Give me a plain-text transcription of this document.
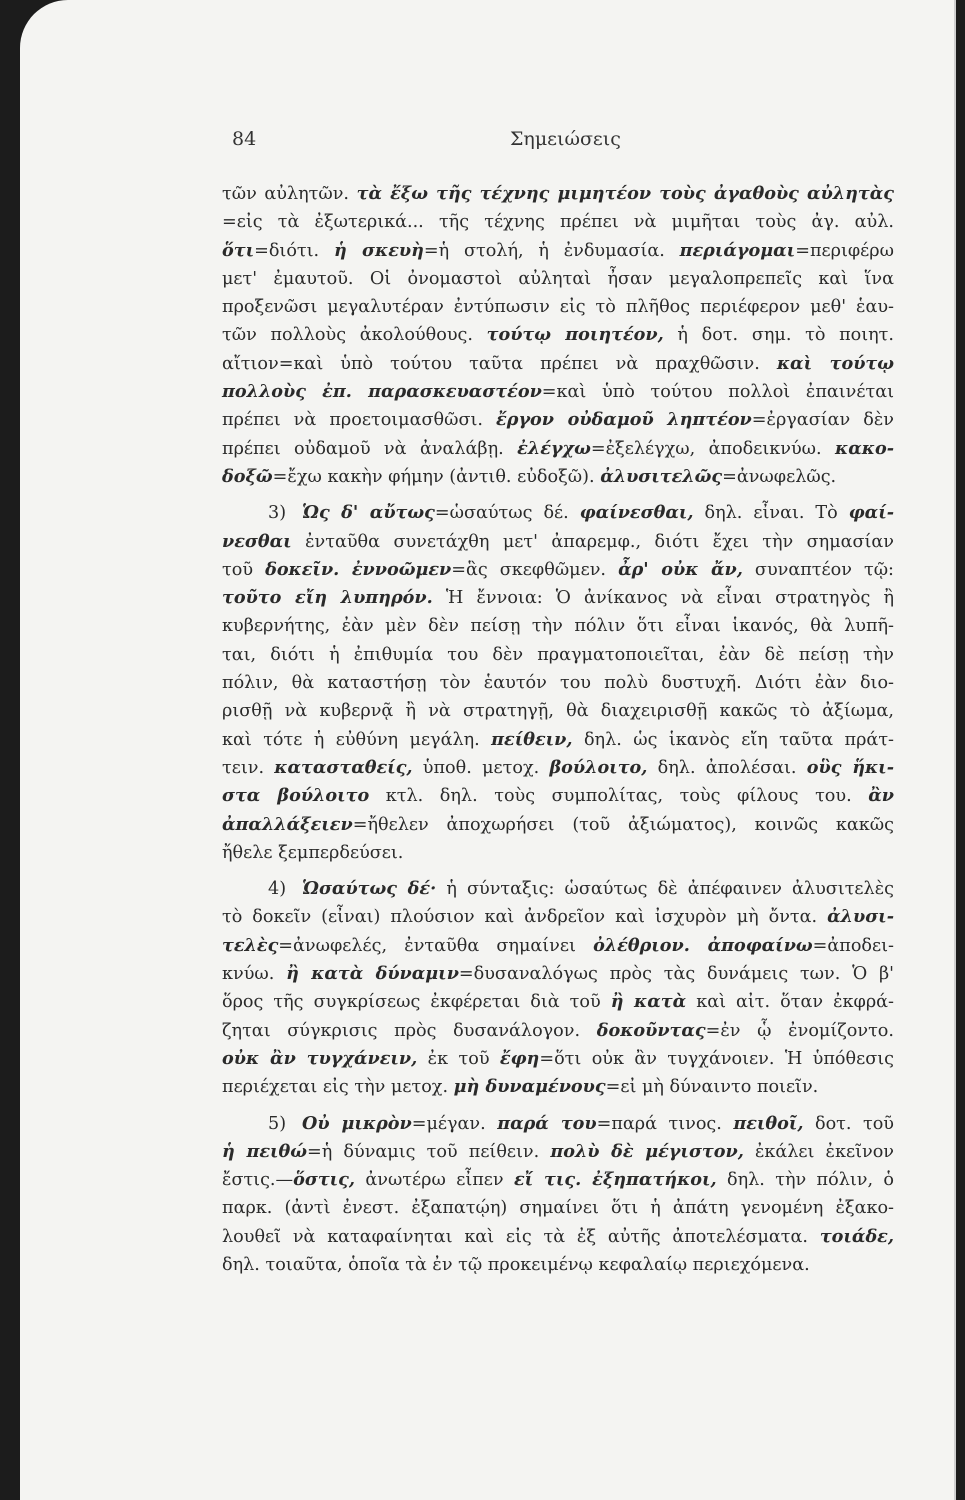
84	Σημειώσεις
τῶν αὐλητῶν. τὰ ἔξω τῆς τέχνης μιμητέον τοὺς ἀγαθοὺς αὐλητὰς
=εἰς τὰ ἐξωτερικά... τῆς τέχνης πρέπει νὰ μιμῆται τοὺς ἀγ. αὐλ.
ὅτι=διότι. ἡ σκευὴ=ἡ στολή, ἡ ἐνδυμασία. περιάγομαι=περιφέρω
μετ' ἐμαυτοῦ. Οἱ ὀνομαστοὶ αὐληταὶ ἦσαν μεγαλοπρεπεῖς καὶ ἵνα
προξενῶσι μεγαλυτέραν ἐντύπωσιν εἰς τὸ πλῆθος περιέφερον μεθ' ἑαυ-
τῶν πολλοὺς ἀκολούθους. τούτῳ ποιητέον, ἡ δοτ. σημ. τὸ ποιητ.
αἴτιον=καὶ ὑπὸ τούτου ταῦτα πρέπει νὰ πραχθῶσιν. καὶ τούτῳ
πολλοὺς ἐπ. παρασκευαστέον=καὶ ὑπὸ τούτου πολλοὶ ἐπαινέται
πρέπει νὰ προετοιμασθῶσι. ἔργον οὐδαμοῦ ληπτέον=ἐργασίαν δὲν
πρέπει οὐδαμοῦ νὰ ἀναλάβῃ. ἐλέγχω=ἐξελέγχω, ἀποδεικνύω. κακο-
δοξῶ=ἔχω κακὴν φήμην (ἀντιθ. εὐδοξῶ). ἀλυσιτελῶς=ἀνωφελῶς.
3) Ὡς δ' αὔτως=ὡσαύτως δέ. φαίνεσθαι, δηλ. εἶναι. Τὸ φαί-
νεσθαι ἐνταῦθα συνετάχθη μετ' ἀπαρεμφ., διότι ἔχει τὴν σημασίαν
τοῦ δοκεῖν. ἐννοῶμεν=ἃς σκεφθῶμεν. ἆρ' οὐκ ἄν, συναπτέον τῷ:
τοῦτο εἴη λυπηρόν. Ἡ ἔννοια: Ὁ ἀνίκανος νὰ εἶναι στρατηγὸς ἢ
κυβερνήτης, ἐὰν μὲν δὲν πείσῃ τὴν πόλιν ὅτι εἶναι ἱκανός, θὰ λυπῆ-
ται, διότι ἡ ἐπιθυμία του δὲν πραγματοποιεῖται, ἐὰν δὲ πείσῃ τὴν
πόλιν, θὰ καταστήσῃ τὸν ἑαυτόν του πολὺ δυστυχῆ. Διότι ἐὰν διο-
ρισθῇ νὰ κυβερνᾷ ἢ νὰ στρατηγῇ, θὰ διαχειρισθῇ κακῶς τὸ ἀξίωμα,
καὶ τότε ἡ εὐθύνη μεγάλη. πείθειν, δηλ. ὡς ἱκανὸς εἴη ταῦτα πράτ-
τειν. κατασταθείς, ὑποθ. μετοχ. βούλοιτο, δηλ. ἀπολέσαι. οὓς ἥκι-
στα βούλοιτο κτλ. δηλ. τοὺς συμπολίτας, τοὺς φίλους του. ἂν
ἀπαλλάξειεν=ἤθελεν ἀποχωρήσει (τοῦ ἀξιώματος), κοινῶς κακῶς
ἤθελε ξεμπερδεύσει.
4) Ὡσαύτως δέ· ἡ σύνταξις: ὡσαύτως δὲ ἀπέφαινεν ἀλυσιτελὲς
τὸ δοκεῖν (εἶναι) πλούσιον καὶ ἀνδρεῖον καὶ ἰσχυρὸν μὴ ὄντα. ἀλυσι-
τελὲς=ἀνωφελές, ἐνταῦθα σημαίνει ὀλέθριον. ἀποφαίνω=ἀποδει-
κνύω. ἢ κατὰ δύναμιν=δυσαναλόγως πρὸς τὰς δυνάμεις των. Ὁ β'
ὅρος τῆς συγκρίσεως ἐκφέρεται διὰ τοῦ ἢ κατὰ καὶ αἰτ. ὅταν ἐκφρά-
ζηται σύγκρισις πρὸς δυσανάλογον. δοκοῦντας=ἐν ᾧ ἐνομίζοντο.
οὐκ ἂν τυγχάνειν, ἐκ τοῦ ἔφη=ὅτι οὐκ ἂν τυγχάνοιεν. Ἡ ὑπόθεσις
περιέχεται εἰς τὴν μετοχ. μὴ δυναμένους=εἰ μὴ δύναιντο ποιεῖν.
5) Οὐ μικρὸν=μέγαν. παρά του=παρά τινος. πειθοῖ, δοτ. τοῦ
ἡ πειθώ=ἡ δύναμις τοῦ πείθειν. πολὺ δὲ μέγιστον, ἐκάλει ἐκεῖνον
ἔστις.—ὅστις, ἀνωτέρω εἶπεν εἴ τις. ἐξηπατήκοι, δηλ. τὴν πόλιν, ὁ
παρκ. (ἀντὶ ἐνεστ. ἐξαπατῴη) σημαίνει ὅτι ἡ ἀπάτη γενομένη ἐξακο-
λουθεῖ νὰ καταφαίνηται καὶ εἰς τὰ ἐξ αὐτῆς ἀποτελέσματα. τοιάδε,
δηλ. τοιαῦτα, ὁποῖα τὰ ἐν τῷ προκειμένῳ κεφαλαίῳ περιεχόμενα.
